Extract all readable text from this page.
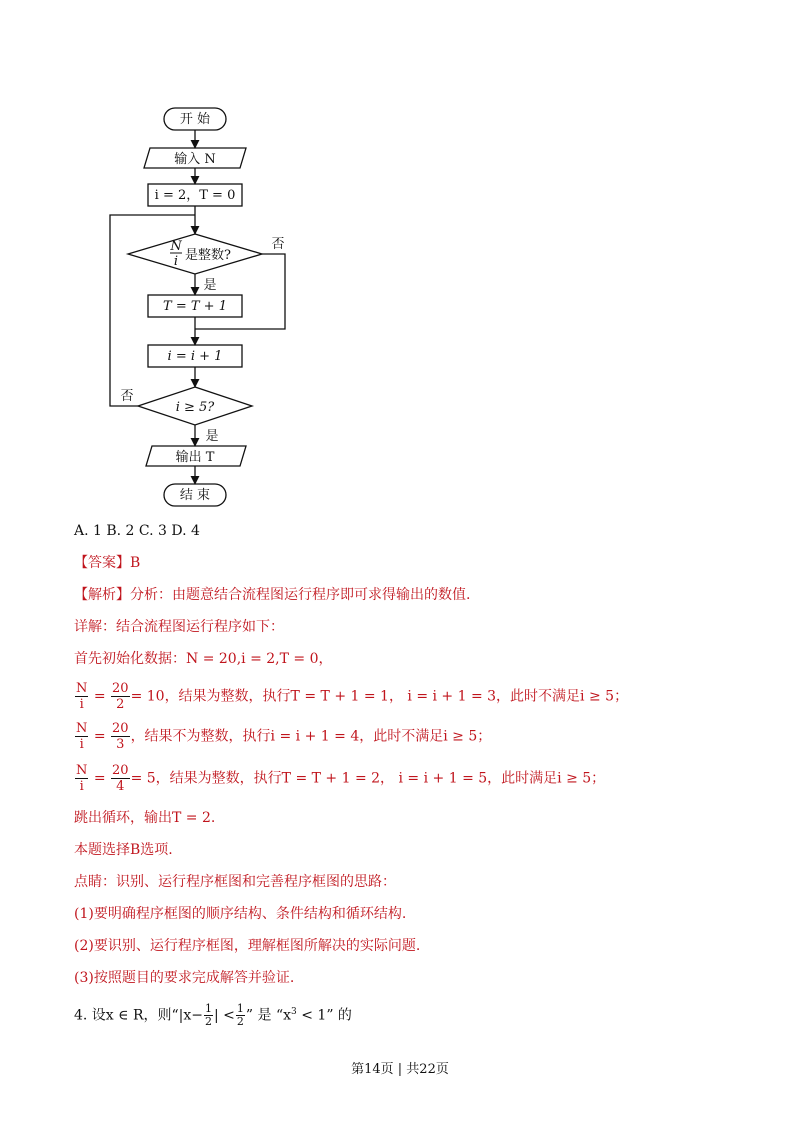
开 始
输入 N
i = 2，T = 0
N
i 是整数?
否
是
T = T + 1
i = i + 1
i ≥ 5?
否
是
输出 T
结 束
A. 1 B. 2 C. 3 D. 4
【答案】B
【解析】分析：由题意结合流程图运行程序即可求得输出的数值.
详解：结合流程图运行程序如下：
首先初始化数据：N = 20,i = 2,T = 0，
$\frac{N}{i} = \frac{20}{2} = 10$，结果为整数，执行T = T + 1 = 1， i = i + 1 = 3，此时不满足i ≥ 5；
$\frac{N}{i} = \frac{20}{3}$ ，结果不为整数，执行i = i + 1 = 4，此时不满足i ≥ 5；
$\frac{N}{i} = \frac{20}{4} = 5$，结果为整数，执行T = T + 1 = 2， i = i + 1 = 5，此时满足i ≥ 5；
跳出循环，输出T = 2.
本题选择B选项.
点睛：识别、运行程序框图和完善程序框图的思路：
(1)要明确程序框图的顺序结构、条件结构和循环结构.
(2)要识别、运行程序框图，理解框图所解决的实际问题.
(3)按照题目的要求完成解答并验证.
4. 设x ∈ R，则“$|x- \frac{1}{2}$ | < $\frac{1}{2}$ ” 是 “$x^3 < 1$” 的
第14页 | 共22页
